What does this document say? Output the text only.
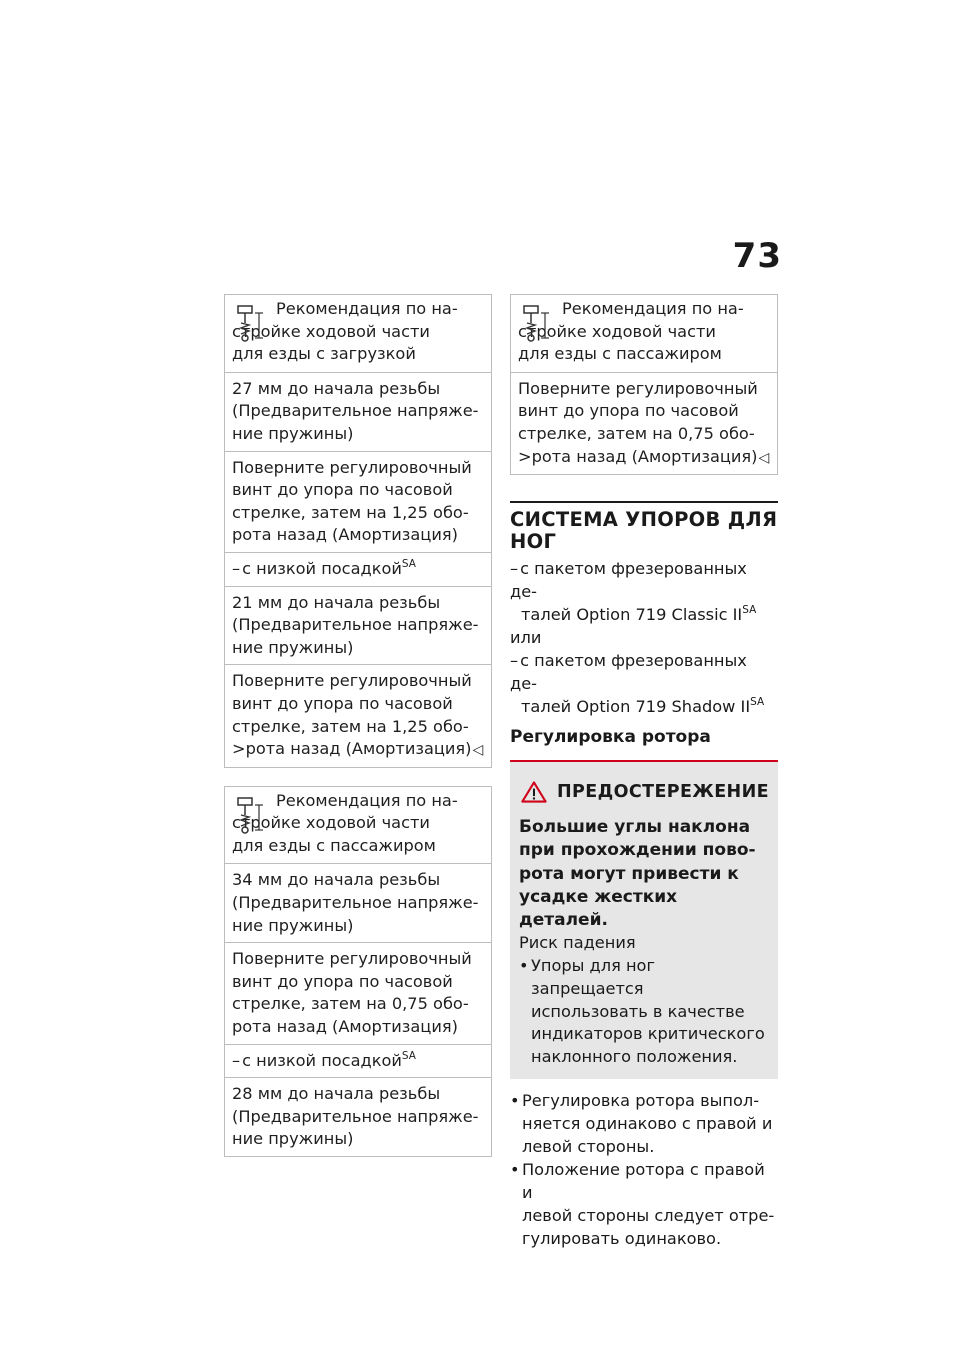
73
Рекомендация по на-
стройке ходовой части
для езды с загрузкой
27 мм до начала резьбы
(Предварительное напряже-
ние пружины)
Поверните регулировочный
винт до упора по часовой
стрелке, затем на 1,25 обо-
рота назад (Амортизация)
– с низкой посадкой$^{SA}$
21 мм до начала резьбы
(Предварительное напряже-
ние пружины)
Поверните регулировочный
винт до упора по часовой
стрелке, затем на 1,25 обо-
>рота назад (Амортизация)◁
Рекомендация по на-
стройке ходовой части
для езды с пассажиром
34 мм до начала резьбы
(Предварительное напряже-
ние пружины)
Поверните регулировочный
винт до упора по часовой
стрелке, затем на 0,75 обо-
рота назад (Амортизация)
– с низкой посадкой$^{SA}$
28 мм до начала резьбы
(Предварительное напряже-
ние пружины)
Рекомендация по на-
стройке ходовой части
для езды с пассажиром
Поверните регулировочный
винт до упора по часовой
стрелке, затем на 0,75 обо-
>рота назад (Амортизация)◁
СИСТЕМА УПОРОВ ДЛЯ
НОГ
– с пакетом фрезерованных де-
талей Option 719 Classic $II^{SA}$
или
– с пакетом фрезерованных де-
талей Option 719 Shadow $II^{SA}$
Регулировка ротора
ПРЕДОСТЕРЕЖЕНИЕ
Большие углы наклона
при прохождении пово-
рота могут привести к
усадке жестких деталей.
Риск падения
• Упоры для ног запрещается
использовать в качестве
индикаторов критического
наклонного положения.
• Регулировка ротора выпол-
няется одинаково с правой и
левой стороны.
• Положение ротора с правой и
левой стороны следует отре-
гулировать одинаково.
